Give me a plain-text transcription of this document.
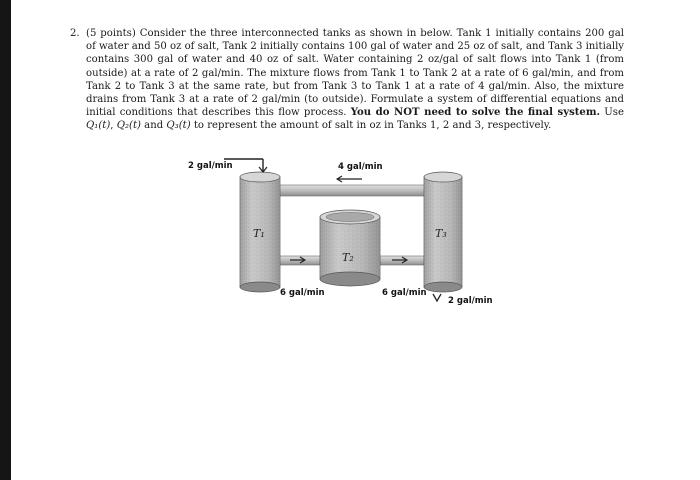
2. (5 points) Consider the three interconnected tanks as shown in below. Tank 1 initially contains 200 gal of water and 50 oz of salt, Tank 2 initially contains 100 gal of water and 25 oz of salt, and Tank 3 initially contains 300 gal of water and 40 oz of salt. Water containing 2 oz/gal of salt flows into Tank 1 (from outside) at a rate of 2 gal/min. The mixture flows from Tank 1 to Tank 2 at a rate of 6 gal/min, and from Tank 2 to Tank 3 at the same rate, but from Tank 3 to Tank 1 at a rate of 4 gal/min. Also, the mixture drains from Tank 3 at a rate of 2 gal/min (to outside). Formulate a system of differential equations and initial conditions that describes this flow process. You do NOT need to solve the final system. Use Q₁(t), Q₂(t) and Q₃(t) to represent the amount of salt in oz in Tanks 1, 2 and 3, respectively.
2 gal/min	4 gal/min
6 gal/min	6 gal/min
2 gal/min
T₁
T₂
T₃
